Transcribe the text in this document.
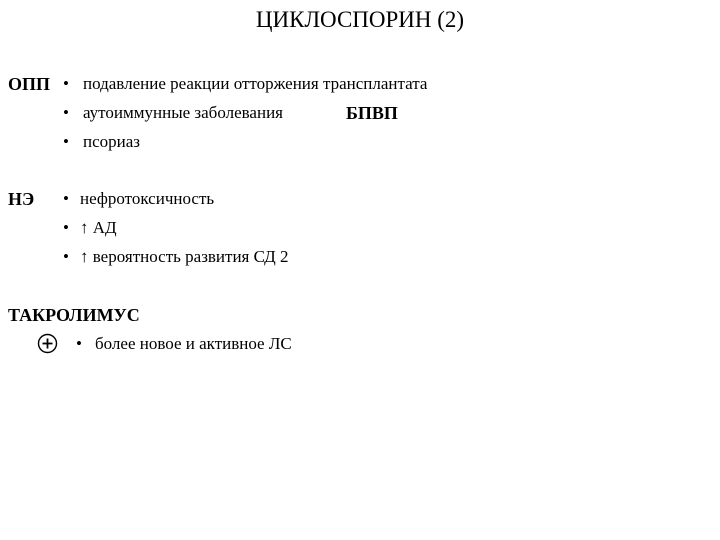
ЦИКЛОСПОРИН (2)
ОПП • подавление реакции отторжения трансплантата
• аутоиммунные заболевания	БПВП
• псориаз
НЭ • нефротоксичность
• ↑ АД
• ↑ вероятность развития СД 2
ТАКРОЛИМУС
• более новое и активное ЛС
